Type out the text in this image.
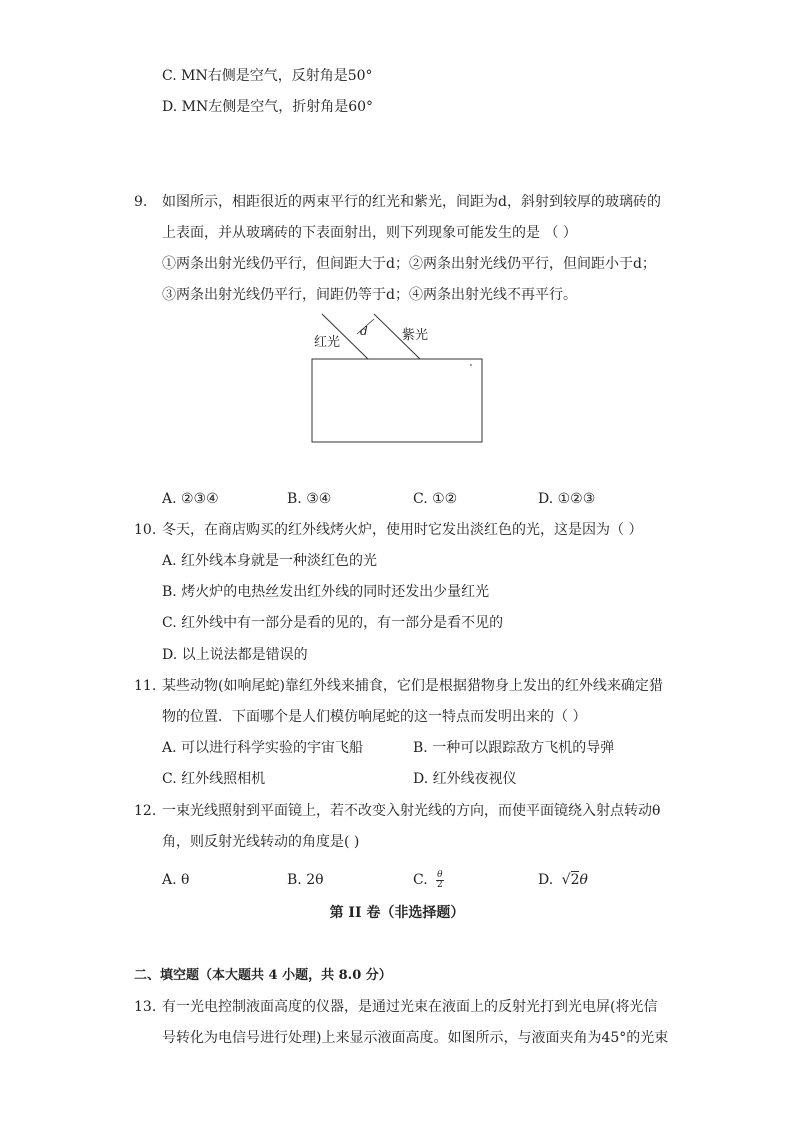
C. MN右侧是空气，反射角是50°
D. MN左侧是空气，折射角是60°
9. 如图所示，相距很近的两束平行的红光和紫光，间距为d，斜射到较厚的玻璃砖的
上表面，并从玻璃砖的下表面射出，则下列现象可能发生的是 （ ）
①两条出射光线仍平行，但间距大于d；②两条出射光线仍平行，但间距小于d；
③两条出射光线仍平行，间距仍等于d；④两条出射光线不再平行。
红光	紫光
d
A. ②③④	B. ③④	C. ①②	D. ①②③
10. 冬天，在商店购买的红外线烤火炉，使用时它发出淡红色的光，这是因为（ ）
A. 红外线本身就是一种淡红色的光
B. 烤火炉的电热丝发出红外线的同时还发出少量红光
C. 红外线中有一部分是看的见的，有一部分是看不见的
D. 以上说法都是错误的
11. 某些动物(如响尾蛇)靠红外线来捕食，它们是根据猎物身上发出的红外线来确定猎
物的位置．下面哪个是人们模仿响尾蛇的这一特点而发明出来的（ ）
A. 可以进行科学实验的宇宙飞船	B. 一种可以跟踪敌方飞机的导弹
C. 红外线照相机	D. 红外线夜视仪
12. 一束光线照射到平面镜上，若不改变入射光线的方向，而使平面镜绕入射点转动θ
角，则反射光线转动的角度是( )
A. θ	B. 2θ	C. $\frac{\theta}{2}$	D. √2θ
第 II 卷（非选择题）
二、填空题（本大题共 4 小题，共 8.0 分）
13. 有一光电控制液面高度的仪器，是通过光束在液面上的反射光打到光电屏(将光信
号转化为电信号进行处理)上来显示液面高度。如图所示，与液面夹角为45°的光束
